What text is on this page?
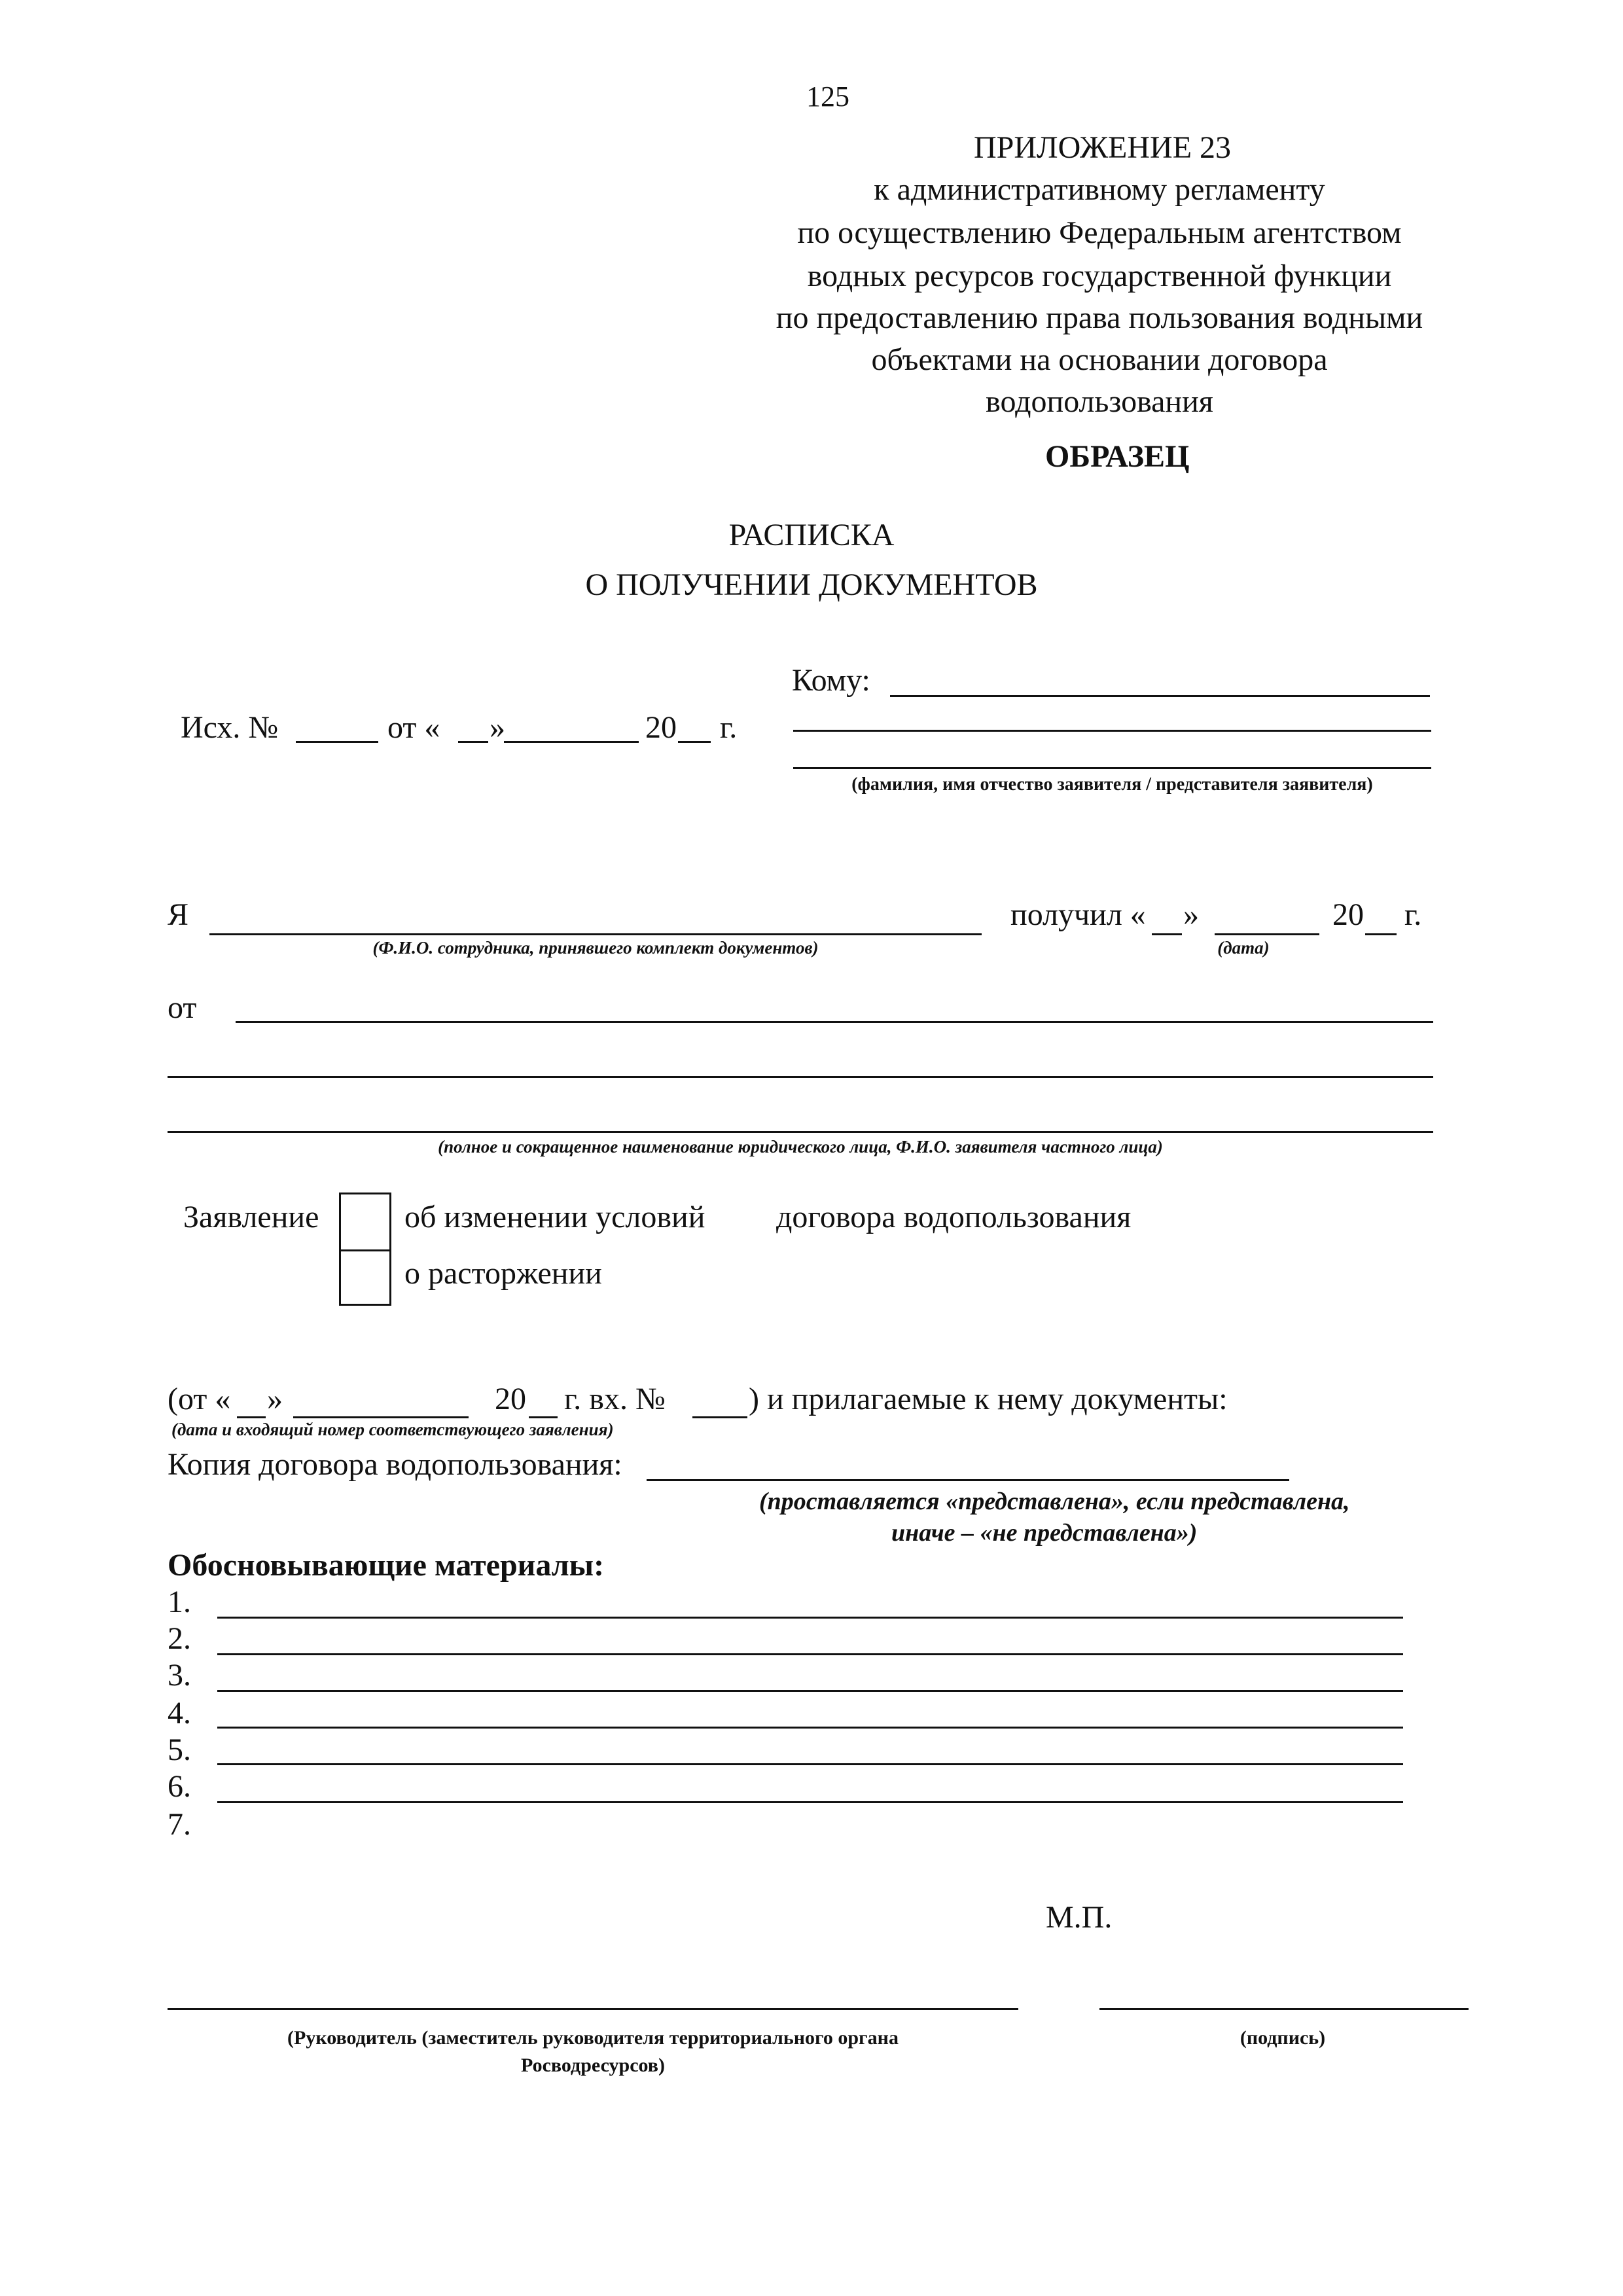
125
ПРИЛОЖЕНИЕ 23
к административному регламенту
по осуществлению Федеральным агентством
водных ресурсов государственной функции
по предоставлению права пользования водными
объектами на основании договора
водопользования
ОБРАЗЕЦ
РАСПИСКА
О ПОЛУЧЕНИИ ДОКУМЕНТОВ
Кому:
Исх. №	от « »	20 г.
(фамилия, имя отчество заявителя / представителя заявителя)
Я
(Ф.И.О. сотрудника, принявшего комплект документов)
получил « »
(дата)
20 г.
от
(полное и сокращенное наименование юридического лица, Ф.И.О. заявителя частного лица)
Заявление	об изменении условий
о расторжении
договора водопользования
(от « »	20 г. вх. №	) и прилагаемые к нему документы:
(дата и входящий номер соответствующего заявления)
Копия договора водопользования:
(проставляется «представлена», если представлена,
иначе – «не представлена»)
Обосновывающие материалы:
1.
2.
3.
4.
5.
6.
7.
М.П.
(Руководитель (заместитель руководителя территориального органа
Росводресурсов)
(подпись)
